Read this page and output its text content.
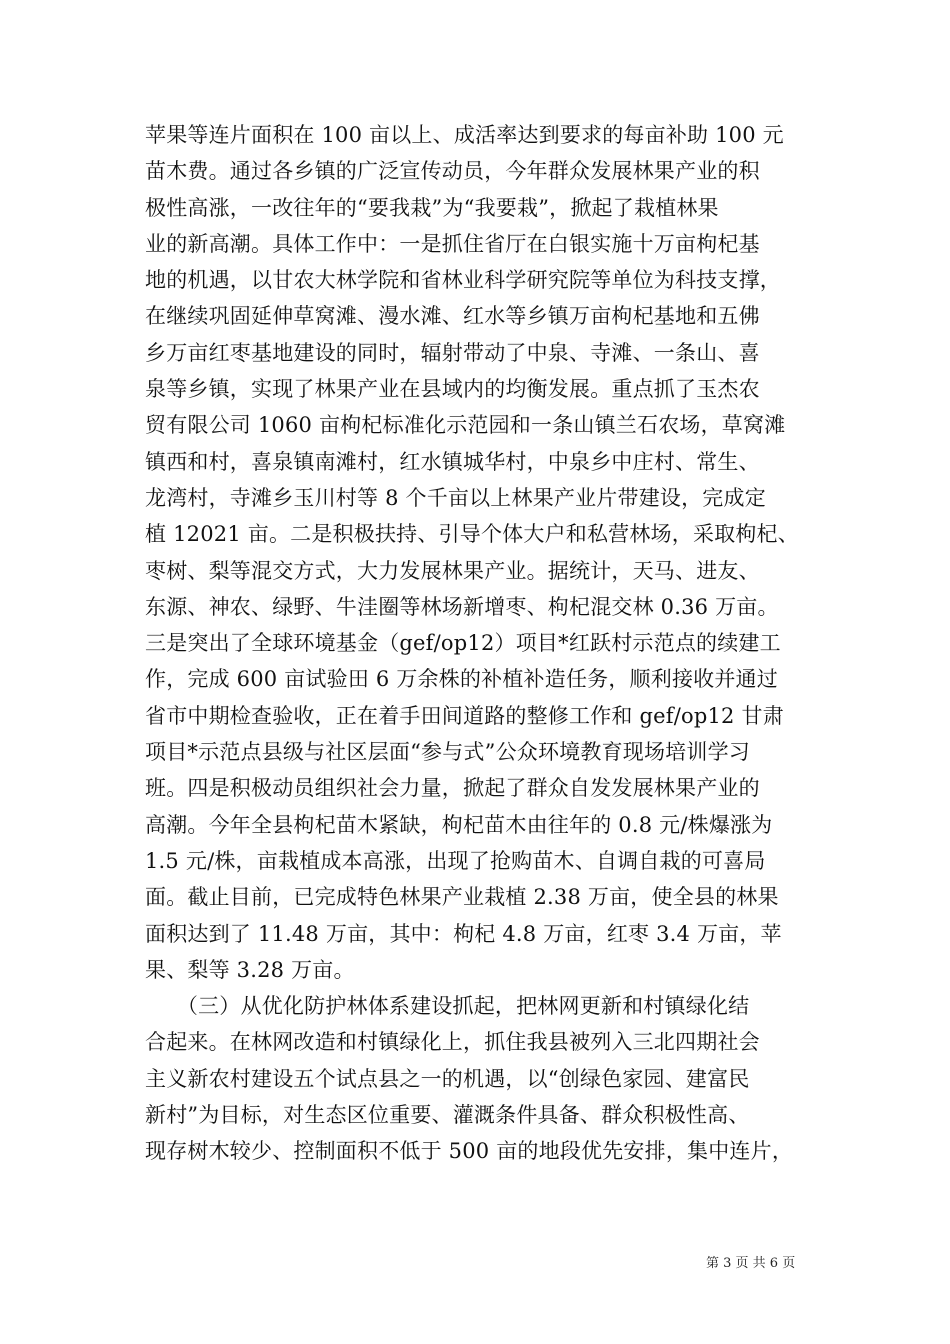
苹果等连片面积在 100 亩以上、成活率达到要求的每亩补助 100 元
苗木费。通过各乡镇的广泛宣传动员，今年群众发展林果产业的积
极性高涨，一改往年的“要我栽”为“我要栽”，掀起了栽植林果
业的新高潮。具体工作中：一是抓住省厅在白银实施十万亩枸杞基
地的机遇，以甘农大林学院和省林业科学研究院等单位为科技支撑，
在继续巩固延伸草窝滩、漫水滩、红水等乡镇万亩枸杞基地和五佛
乡万亩红枣基地建设的同时，辐射带动了中泉、寺滩、一条山、喜
泉等乡镇，实现了林果产业在县域内的均衡发展。重点抓了玉杰农
贸有限公司 1060 亩枸杞标准化示范园和一条山镇兰石农场，草窝滩
镇西和村，喜泉镇南滩村，红水镇城华村，中泉乡中庄村、常生、
龙湾村，寺滩乡玉川村等 8 个千亩以上林果产业片带建设，完成定
植 12021 亩。二是积极扶持、引导个体大户和私营林场，采取枸杞、
枣树、梨等混交方式，大力发展林果产业。据统计，天马、进友、
东源、神农、绿野、牛洼圈等林场新增枣、枸杞混交林 0.36 万亩。
三是突出了全球环境基金（gef/op12）项目*红跃村示范点的续建工
作，完成 600 亩试验田 6 万余株的补植补造任务，顺利接收并通过
省市中期检查验收，正在着手田间道路的整修工作和 gef/op12 甘肃
项目*示范点县级与社区层面“参与式”公众环境教育现场培训学习
班。四是积极动员组织社会力量，掀起了群众自发发展林果产业的
高潮。今年全县枸杞苗木紧缺，枸杞苗木由往年的 0.8 元/株爆涨为
1.5 元/株，亩栽植成本高涨，出现了抢购苗木、自调自栽的可喜局
面。截止目前，已完成特色林果产业栽植 2.38 万亩，使全县的林果
面积达到了 11.48 万亩，其中：枸杞 4.8 万亩，红枣 3.4 万亩，苹
果、梨等 3.28 万亩。
　　（三）从优化防护林体系建设抓起，把林网更新和村镇绿化结
合起来。在林网改造和村镇绿化上，抓住我县被列入三北四期社会
主义新农村建设五个试点县之一的机遇，以“创绿色家园、建富民
新村”为目标，对生态区位重要、灌溉条件具备、群众积极性高、
现存树木较少、控制面积不低于 500 亩的地段优先安排，集中连片，
第 3 页 共 6 页
